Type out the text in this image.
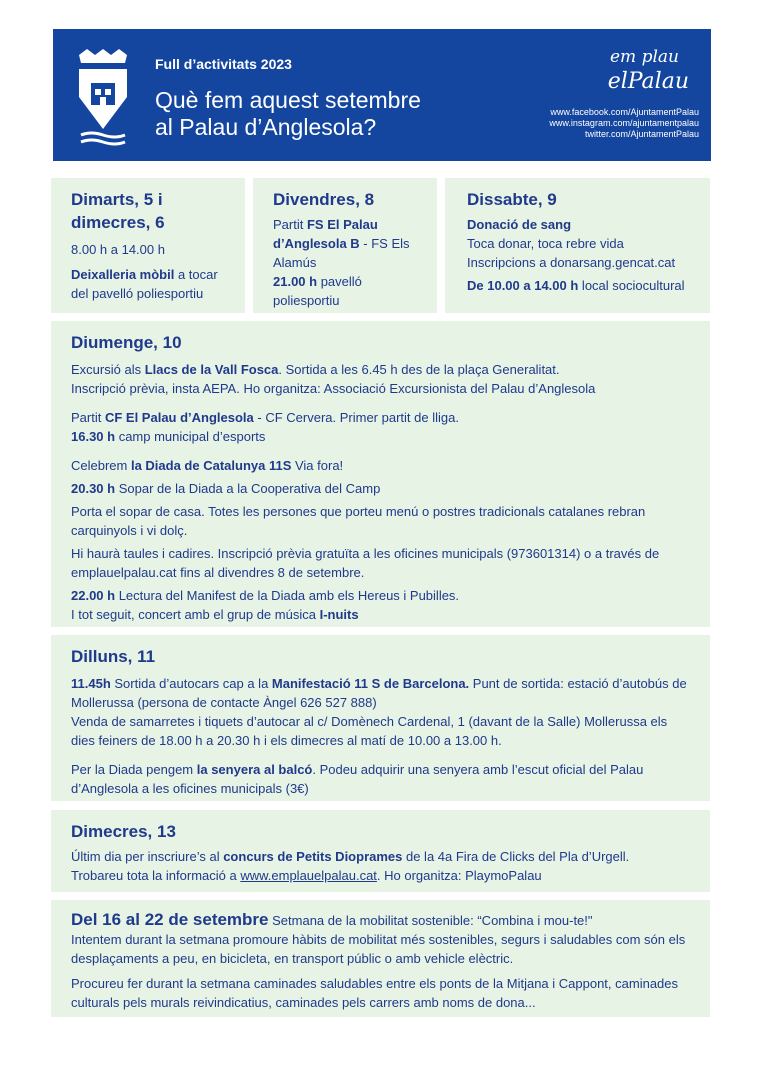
Full d’activitats 2023
Què fem aquest setembre
al Palau d’Anglesola?
em plau
elPalau
www.facebook.com/AjuntamentPalau
www.instagram.com/ajuntamentpalau
twitter.com/AjuntamentPalau
Dimarts, 5 i dimecres, 6

8.00 h a 14.00 h

Deixalleria mòbil a tocar del pavelló poliesportiu

Divendres, 8

Partit FS El Palau d’Anglesola B - FS Els Alamús

21.00 h pavelló poliesportiu

Dissabte, 9

Donació de sang

Toca donar, toca rebre vida

Inscripcions a donarsang.gencat.cat

De 10.00 a 14.00 h local sociocultural

Diumenge, 10

Excursió als Llacs de la Vall Fosca. Sortida a les 6.45 h des de la plaça Generalitat.

Inscripció prèvia, insta AEPA. Ho organitza: Associació Excursionista del Palau d’Anglesola

Partit CF El Palau d’Anglesola - CF Cervera. Primer partit de lliga.

16.30 h camp municipal d’esports

Celebrem la Diada de Catalunya 11S Via fora!

20.30 h Sopar de la Diada a la Cooperativa del Camp

Porta el sopar de casa. Totes les persones que porteu menú o postres tradicionals catalanes rebran carquinyols i vi dolç.

Hi haurà taules i cadires. Inscripció prèvia gratuïta a les oficines municipals (973601314) o a través de emplauelpalau.cat fins al divendres 8 de setembre.

22.00 h Lectura del Manifest de la Diada amb els Hereus i Pubilles.

I tot seguit, concert amb el grup de música I-nuits

Dilluns, 11

11.45h Sortida d’autocars cap a la Manifestació 11 S de Barcelona. Punt de sortida: estació d’autobús de Mollerussa (persona de contacte Àngel 626 527 888)

Venda de samarretes i tiquets d’autocar al c/ Domènech Cardenal, 1 (davant de la Salle) Mollerussa els dies feiners de 18.00 h a 20.30 h i els dimecres al matí de 10.00 a 13.00 h.

Per la Diada pengem la senyera al balcó. Podeu adquirir una senyera amb l’escut oficial del Palau d’Anglesola a les oficines municipals (3€)

Dimecres, 13

Últim dia per inscriure’s al concurs de Petits Dioprames de la 4a Fira de Clicks del Pla d’Urgell.

Trobareu tota la informació a www.emplauelpalau.cat. Ho organitza: PlaymoPalau

Del 16 al 22 de setembre Setmana de la mobilitat sostenible: “Combina i mou-te!"

Intentem durant la setmana promoure hàbits de mobilitat més sostenibles, segurs i saludables com són els desplaçaments a peu, en bicicleta, en transport públic o amb vehicle elèctric.

Procureu fer durant la setmana caminades saludables entre els ponts de la Mitjana i Cappont, caminades culturals pels murals reivindicatius, caminades pels carrers amb noms de dona...
